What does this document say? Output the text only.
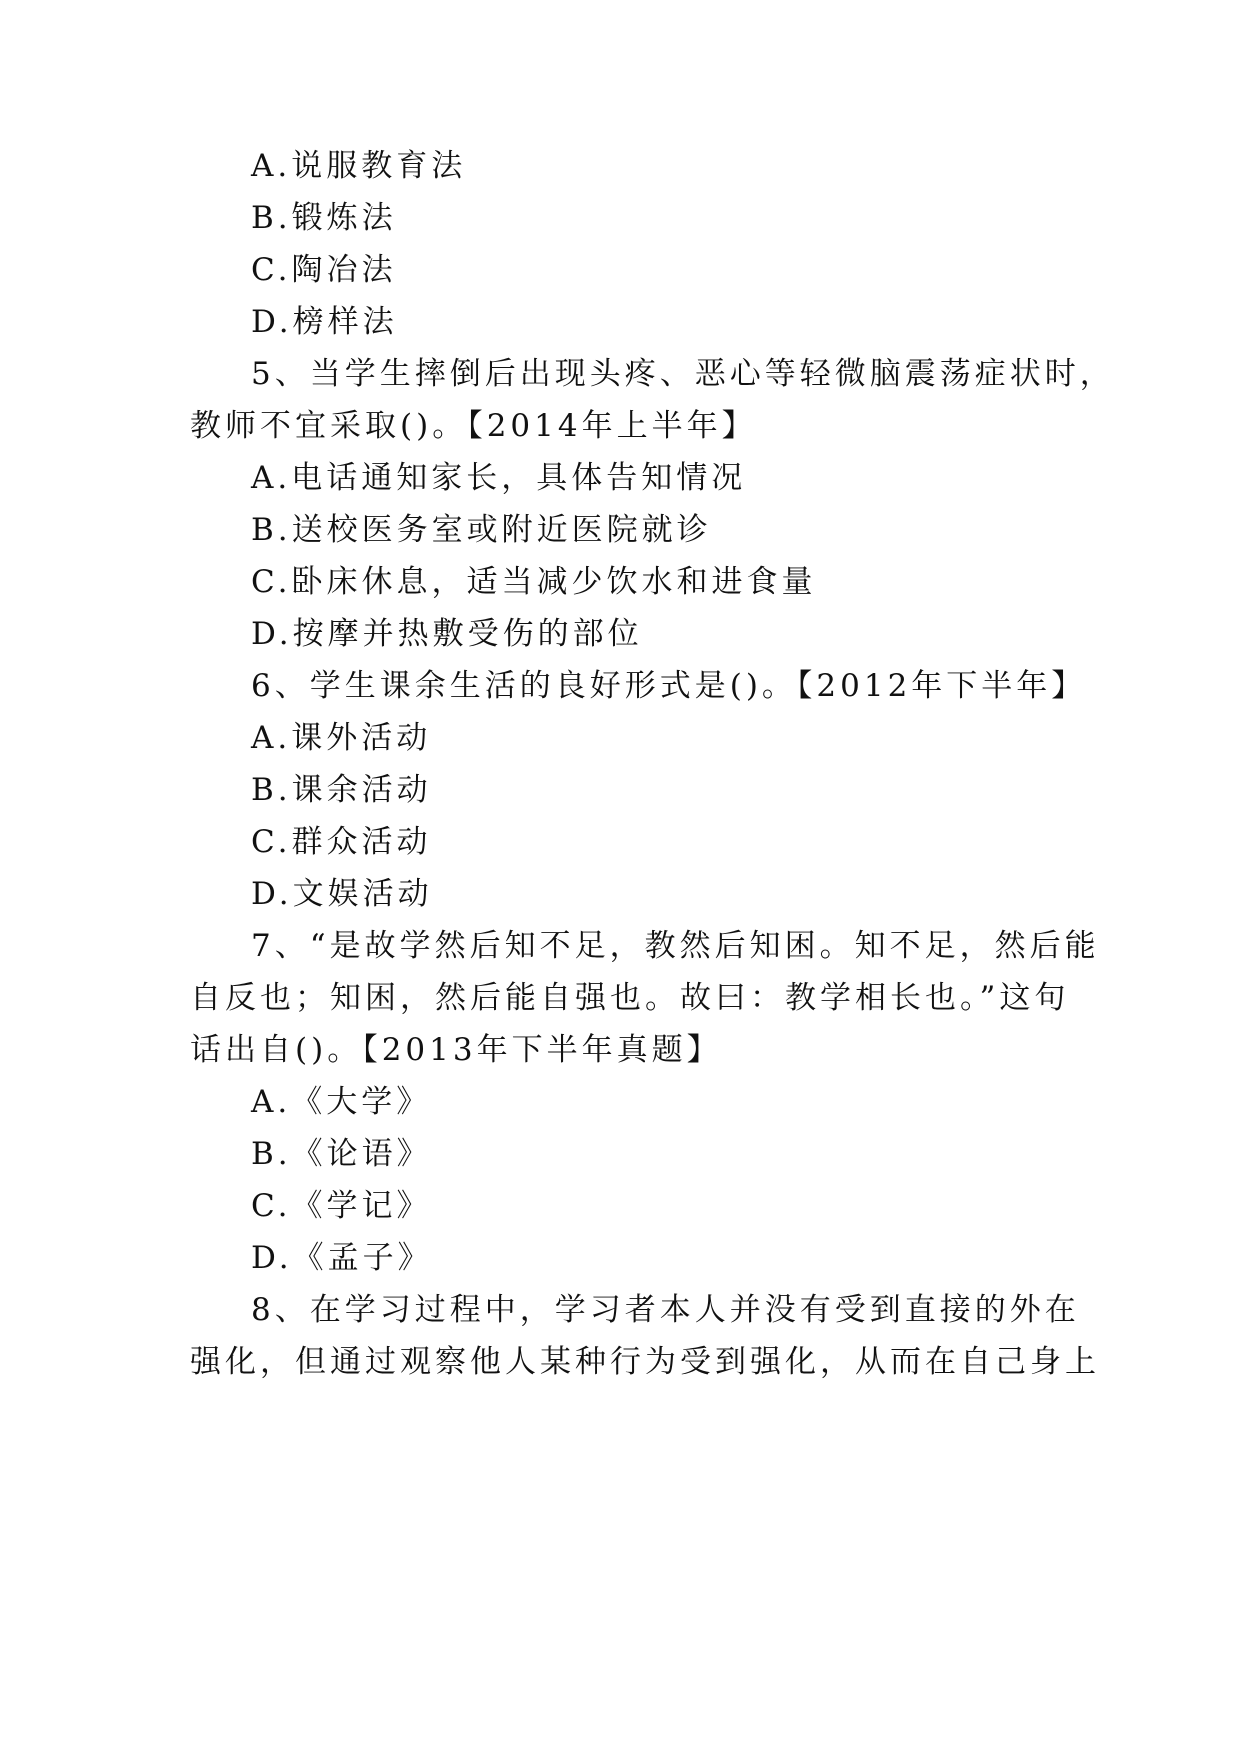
A.说服教育法
B.锻炼法
C.陶冶法
D.榜样法
5、当学生摔倒后出现头疼、恶心等轻微脑震荡症状时，
教师不宜采取()。【2014年上半年】
A.电话通知家长，具体告知情况
B.送校医务室或附近医院就诊
C.卧床休息，适当减少饮水和进食量
D.按摩并热敷受伤的部位
6、学生课余生活的良好形式是()。【2012年下半年】
A.课外活动
B.课余活动
C.群众活动
D.文娱活动
7、“是故学然后知不足，教然后知困。知不足，然后能
自反也；知困，然后能自强也。故曰：教学相长也。”这句
话出自()。【2013年下半年真题】
A.《大学》
B.《论语》
C.《学记》
D.《孟子》
8、在学习过程中，学习者本人并没有受到直接的外在
强化，但通过观察他人某种行为受到强化，从而在自己身上
